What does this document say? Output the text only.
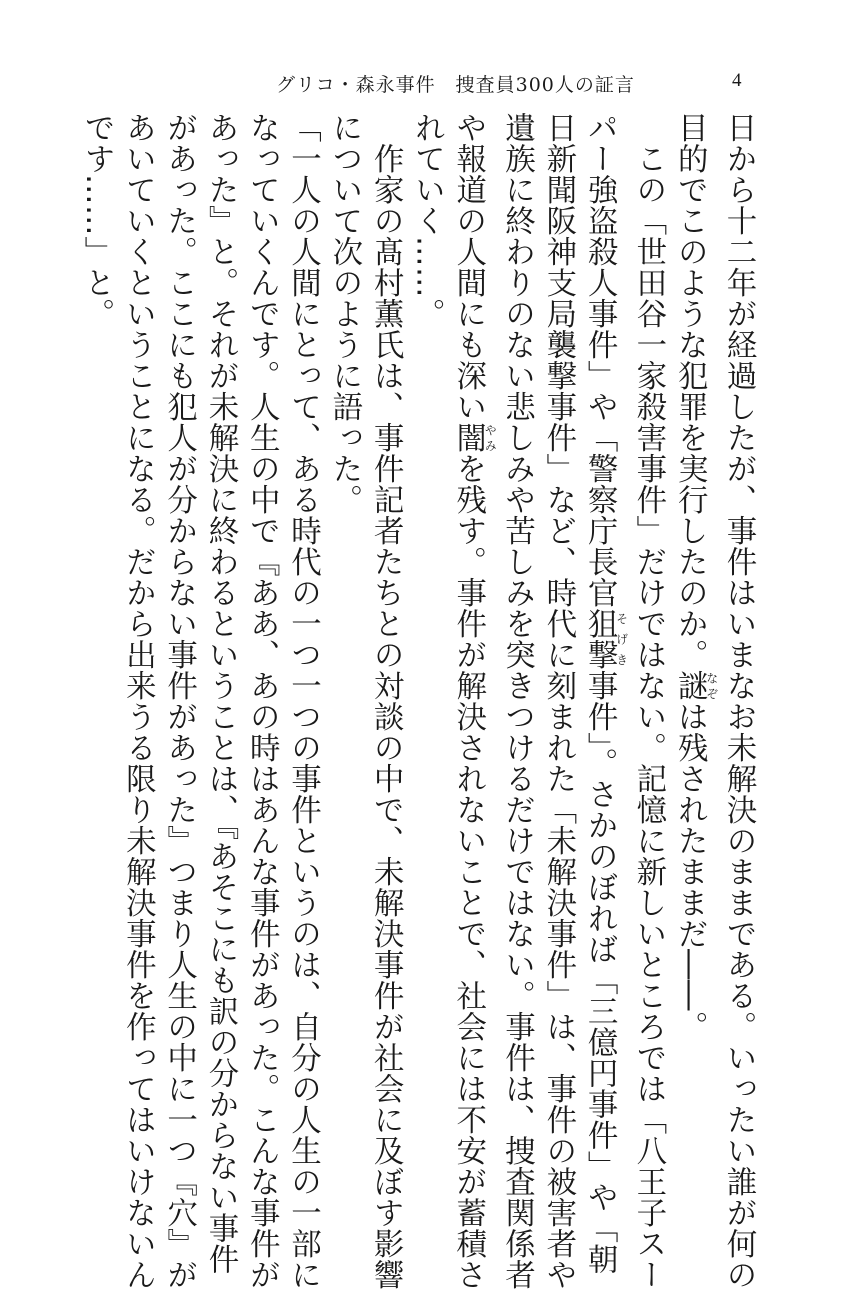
グリコ・森永事件　捜査員300人の証言	4
日から十二年が経過したが、事件はいまなお未解決のままである。いったい誰が何の
目的でこのような犯罪を実行したのか。謎なぞは残されたままだ――。
　この「世田谷一家殺害事件」だけではない。記憶に新しいところでは「八王子スー
パー強盗殺人事件」や「警察庁長官狙撃そげき事件」。さかのぼれば「三億円事件」や「朝
日新聞阪神支局襲撃事件」など、時代に刻まれた「未解決事件」は、事件の被害者や
遺族に終わりのない悲しみや苦しみを突きつけるだけではない。事件は、捜査関係者
や報道の人間にも深い闇やみを残す。事件が解決されないことで、社会には不安が蓄積さ
れていく……。
　作家の髙村薫氏は、事件記者たちとの対談の中で、未解決事件が社会に及ぼす影響
について次のように語った。
「一人の人間にとって、ある時代の一つ一つの事件というのは、自分の人生の一部に
なっていくんです。人生の中で『ああ、あの時はあんな事件があった。こんな事件が
あった』と。それが未解決に終わるということは、『あそこにも訳の分からない事件
があった。ここにも犯人が分からない事件があった』つまり人生の中に一つ『穴』が
あいていくということになる。だから出来うる限り未解決事件を作ってはいけないん
です……」と。
